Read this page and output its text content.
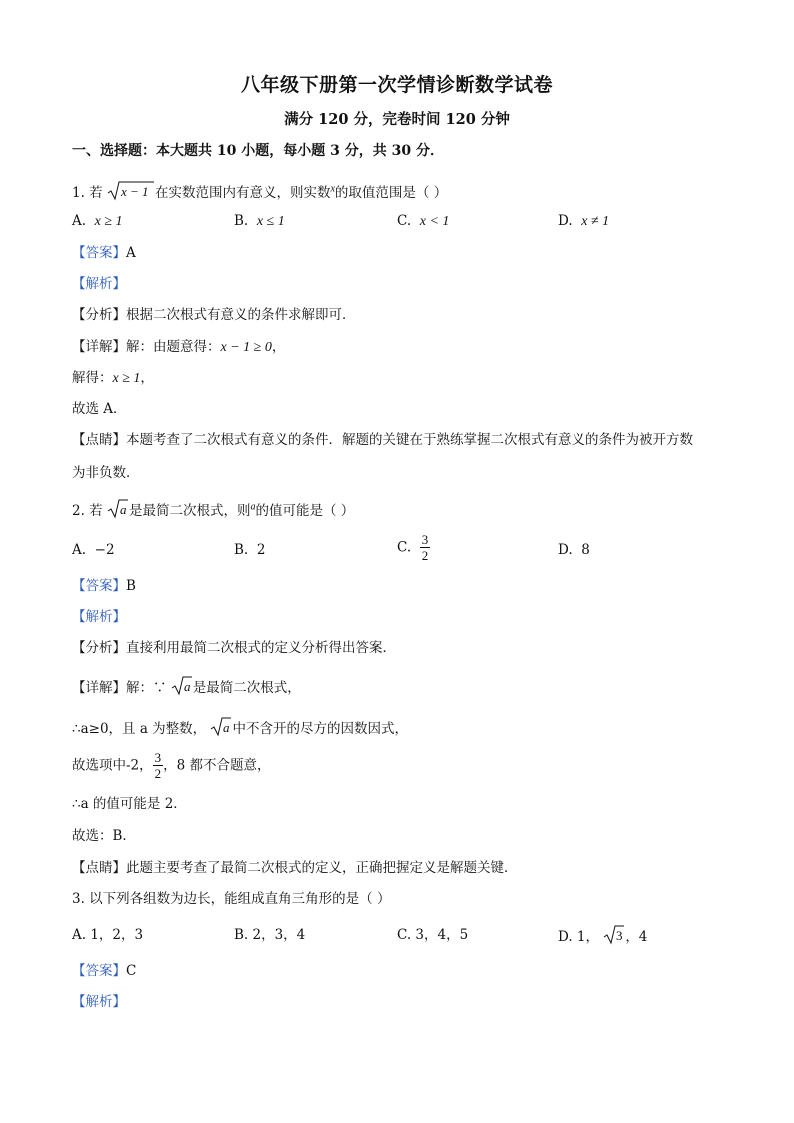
八年级下册第一次学情诊断数学试卷
满分 120 分，完卷时间 120 分钟
一、选择题：本大题共 10 小题，每小题 3 分，共 30 分．
1. 若 x − 1 在实数范围内有意义，则实数$^x$的取值范围是（ ）
A. x ≥ 1	B. x ≤ 1	C. x < 1	D. x ≠ 1
【答案】A
【解析】
【分析】根据二次根式有意义的条件求解即可．
【详解】解：由题意得：x − 1 ≥ 0，
解得：x ≥ 1，
故选 A．
【点睛】本题考查了二次根式有意义的条件．解题的关键在于熟练掌握二次根式有意义的条件为被开方数
为非负数．
2. 若 a 是最简二次根式，则$^a$的值可能是（ ）
A. −2	B. 2	C. $\frac{3}{2}$	D. 8
【答案】B
【解析】
【分析】直接利用最简二次根式的定义分析得出答案．
【详解】解：∵ a 是最简二次根式，
∴a≥0，且 a 为整数， a 中不含开的尽方的因数因式，
故选项中-2， $\frac{3}{2}$ ，8 都不合题意，
∴a 的值可能是 2．
故选：B．
【点睛】此题主要考查了最简二次根式的定义，正确把握定义是解题关键．
3. 以下列各组数为边长，能组成直角三角形的是（ ）
A. 1，2，3	B. 2，3，4	C. 3，4，5	D. 1， 3 ，4
【答案】C
【解析】
